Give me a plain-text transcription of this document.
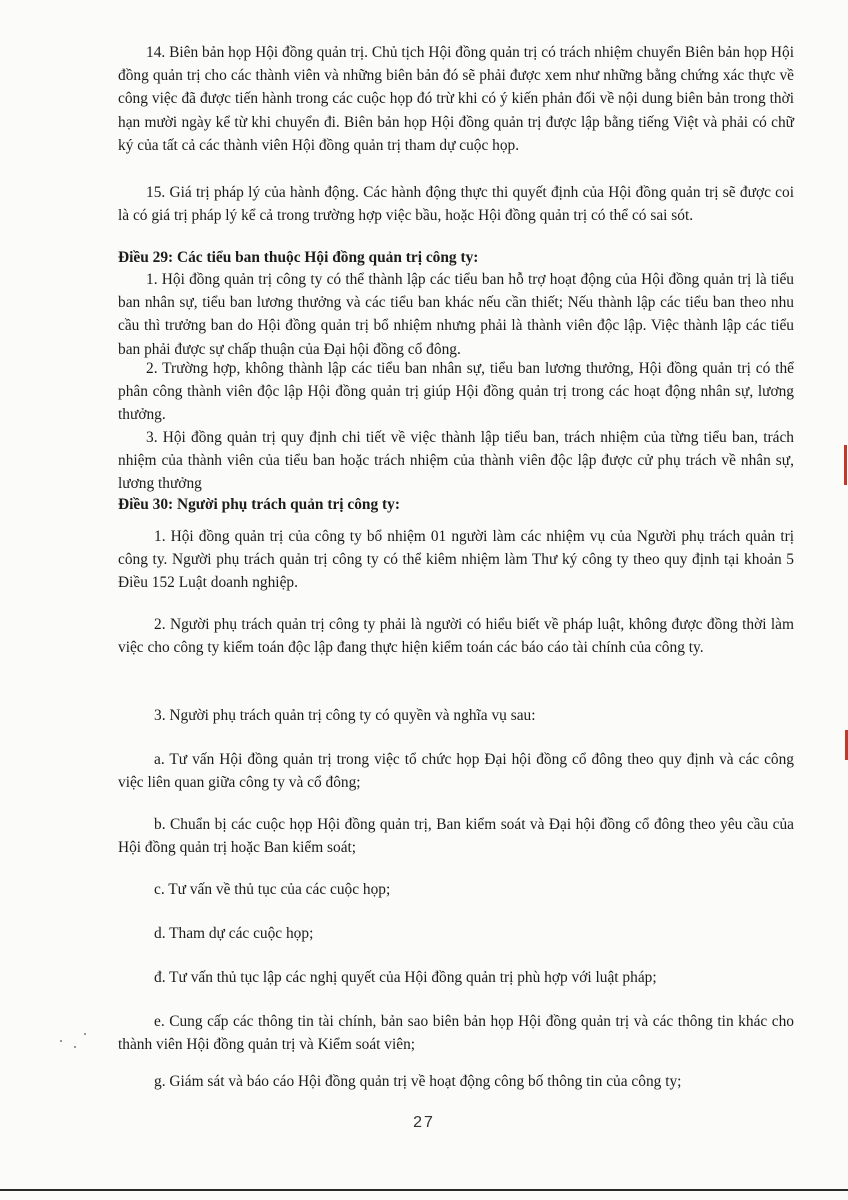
14. Biên bản họp Hội đồng quản trị. Chủ tịch Hội đồng quản trị có trách nhiệm chuyển Biên bản họp Hội đồng quản trị cho các thành viên và những biên bản đó sẽ phải được xem như những bằng chứng xác thực về công việc đã được tiến hành trong các cuộc họp đó trừ khi có ý kiến phản đối về nội dung biên bản trong thời hạn mười ngày kể từ khi chuyển đi. Biên bản họp Hội đồng quản trị được lập bằng tiếng Việt và phải có chữ ký của tất cả các thành viên Hội đồng quản trị tham dự cuộc họp.

15. Giá trị pháp lý của hành động. Các hành động thực thi quyết định của Hội đồng quản trị sẽ được coi là có giá trị pháp lý kể cả trong trường hợp việc bầu, hoặc Hội đồng quản trị có thể có sai sót.

Điều 29: Các tiểu ban thuộc Hội đồng quản trị công ty:

1. Hội đồng quản trị công ty có thể thành lập các tiểu ban hỗ trợ hoạt động của Hội đồng quản trị là tiểu ban nhân sự, tiểu ban lương thưởng và các tiểu ban khác nếu cần thiết; Nếu thành lập các tiểu ban theo nhu cầu thì trưởng ban do Hội đồng quản trị bổ nhiệm nhưng phải là thành viên độc lập. Việc thành lập các tiểu ban phải được sự chấp thuận của Đại hội đồng cổ đông.

2. Trường hợp, không thành lập các tiểu ban nhân sự, tiểu ban lương thưởng, Hội đồng quản trị có thể phân công thành viên độc lập Hội đồng quản trị giúp Hội đồng quản trị trong các hoạt động nhân sự, lương thưởng.

3. Hội đồng quản trị quy định chi tiết về việc thành lập tiểu ban, trách nhiệm của từng tiểu ban, trách nhiệm của thành viên của tiểu ban hoặc trách nhiệm của thành viên độc lập được cử phụ trách về nhân sự, lương thưởng

Điều 30: Người phụ trách quản trị công ty:

1. Hội đồng quản trị của công ty bổ nhiệm 01 người làm các nhiệm vụ của Người phụ trách quản trị công ty. Người phụ trách quản trị công ty có thể kiêm nhiệm làm Thư ký công ty theo quy định tại khoản 5 Điều 152 Luật doanh nghiệp.

2. Người phụ trách quản trị công ty phải là người có hiểu biết về pháp luật, không được đồng thời làm việc cho công ty kiểm toán độc lập đang thực hiện kiểm toán các báo cáo tài chính của công ty.

3. Người phụ trách quản trị công ty có quyền và nghĩa vụ sau:

a. Tư vấn Hội đồng quản trị trong việc tổ chức họp Đại hội đồng cổ đông theo quy định và các công việc liên quan giữa công ty và cổ đông;

b. Chuẩn bị các cuộc họp Hội đồng quản trị, Ban kiểm soát và Đại hội đồng cổ đông theo yêu cầu của Hội đồng quản trị hoặc Ban kiểm soát;

c. Tư vấn về thủ tục của các cuộc họp;

d. Tham dự các cuộc họp;

đ. Tư vấn thủ tục lập các nghị quyết của Hội đồng quản trị phù hợp với luật pháp;

e. Cung cấp các thông tin tài chính, bản sao biên bản họp Hội đồng quản trị và các thông tin khác cho thành viên Hội đồng quản trị và Kiểm soát viên;

g. Giám sát và báo cáo Hội đồng quản trị về hoạt động công bố thông tin của công ty;

27
